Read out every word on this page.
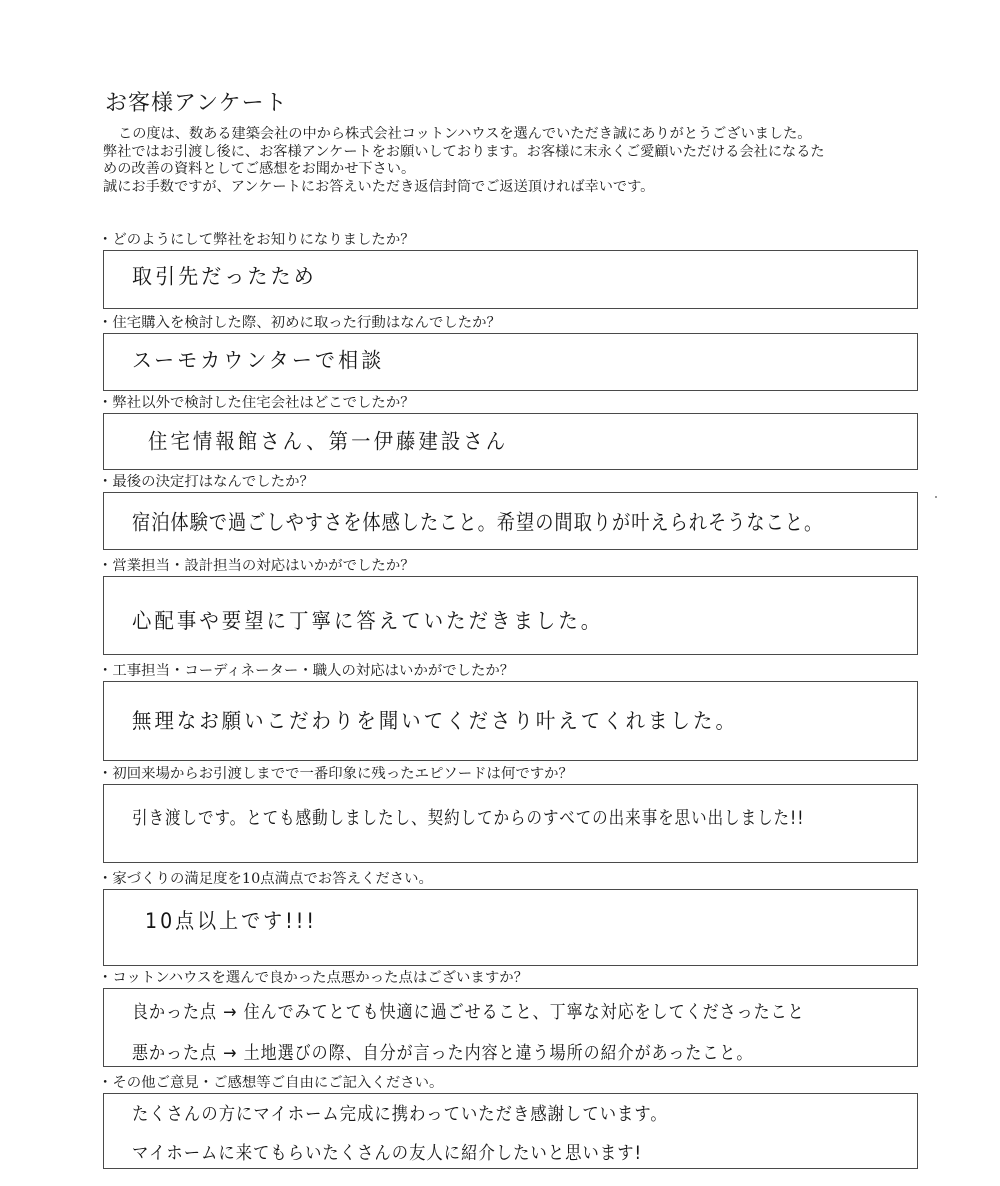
お客様アンケート

この度は、数ある建築会社の中から株式会社コットンハウスを選んでいただき誠にありがとうございました。

弊社ではお引渡し後に、お客様アンケートをお願いしております。お客様に末永くご愛顧いただける会社になるた

めの改善の資料としてご感想をお聞かせ下さい。

誠にお手数ですが、アンケートにお答えいただき返信封筒でご返送頂ければ幸いです。

・どのようにして弊社をお知りになりましたか？
取引先だったため
・住宅購入を検討した際、初めに取った行動はなんでしたか？
スーモカウンターで相談
・弊社以外で検討した住宅会社はどこでしたか？
住宅情報館さん、第一伊藤建設さん
・最後の決定打はなんでしたか？
宿泊体験で過ごしやすさを体感したこと。希望の間取りが叶えられそうなこと。
・営業担当・設計担当の対応はいかがでしたか？
心配事や要望に丁寧に答えていただきました。
・工事担当・コーディネーター・職人の対応はいかがでしたか？
無理なお願いこだわりを聞いてくださり叶えてくれました。
・初回来場からお引渡しまでで一番印象に残ったエピソードは何ですか？
引き渡しです。とても感動しましたし、契約してからのすべての出来事を思い出しました!!
・家づくりの満足度を10点満点でお答えください。
10点以上です!!!
・コットンハウスを選んで良かった点悪かった点はございますか？
良かった点 → 住んでみてとても快適に過ごせること、丁寧な対応をしてくださったこと
悪かった点 → 土地選びの際、自分が言った内容と違う場所の紹介があったこと。
・その他ご意見・ご感想等ご自由にご記入ください。
たくさんの方にマイホーム完成に携わっていただき感謝しています。
マイホームに来てもらいたくさんの友人に紹介したいと思います!
